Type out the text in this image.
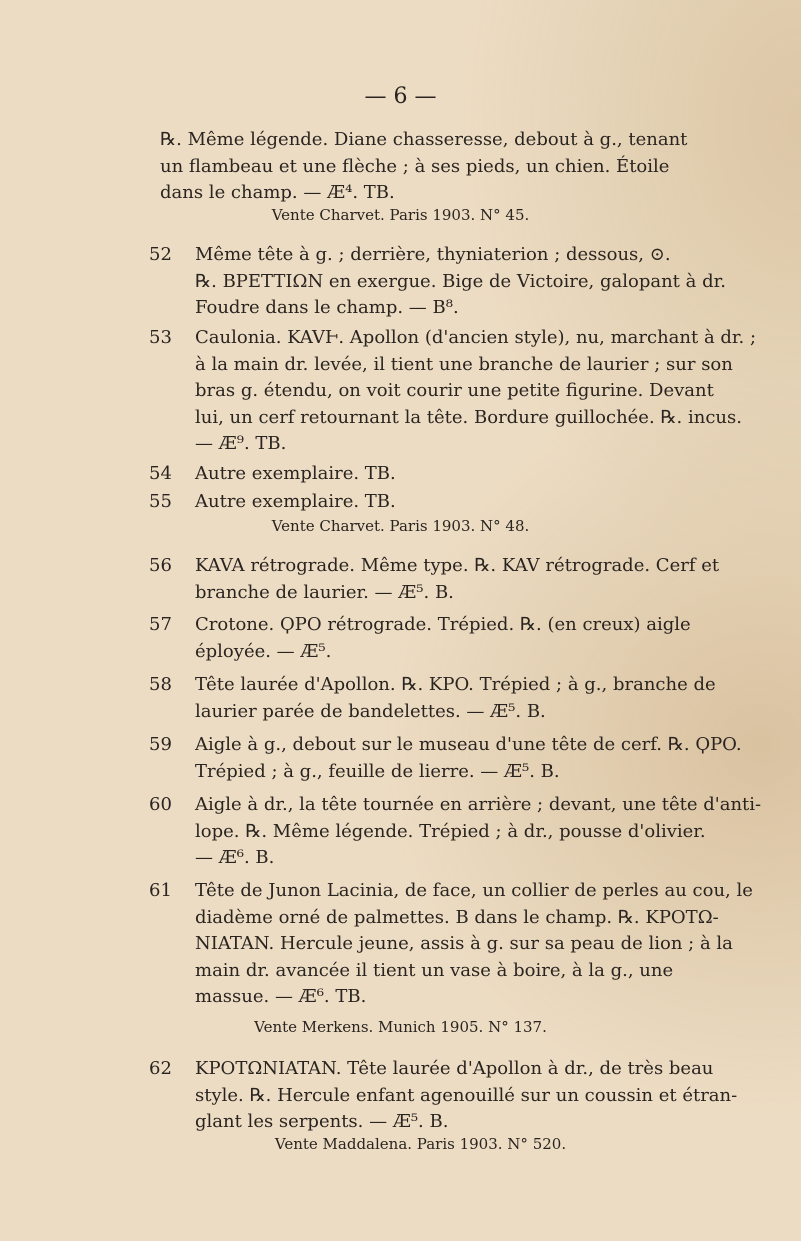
— 6 —
℞. Même légende. Diane chasseresse, debout à g., tenant
un flambeau et une flèche ; à ses pieds, un chien. Étoile
dans le champ. — Æ⁴. TB.
Vente Charvet. Paris 1903. N° 45.
52	Même tête à g. ; derrière, thyniaterion ; dessous, ⊙.
℞. BPETTIΩN en exergue. Bige de Victoire, galopant à dr.
Foudre dans le champ. — B⁸.
53	Caulonia. KAVⱵ. Apollon (d'ancien style), nu, marchant à dr. ;
à la main dr. levée, il tient une branche de laurier ; sur son
bras g. étendu, on voit courir une petite figurine. Devant
lui, un cerf retournant la tête. Bordure guillochée. ℞. incus.
— Æ⁹. TB.
54	Autre exemplaire. TB.
55	Autre exemplaire. TB.
Vente Charvet. Paris 1903. N° 48.
56	KAVA rétrograde. Même type. ℞. KAV rétrograde. Cerf et
branche de laurier. — Æ⁵. B.
57	Crotone. ϘPO rétrograde. Trépied. ℞. (en creux) aigle
éployée. — Æ⁵.
58	Tête laurée d'Apollon. ℞. KPO. Trépied ; à g., branche de
laurier parée de bandelettes. — Æ⁵. B.
59	Aigle à g., debout sur le museau d'une tête de cerf. ℞. ϘPO.
Trépied ; à g., feuille de lierre. — Æ⁵. B.
60	Aigle à dr., la tête tournée en arrière ; devant, une tête d'anti-
lope. ℞. Même légende. Trépied ; à dr., pousse d'olivier.
— Æ⁶. B.
61	Tête de Junon Lacinia, de face, un collier de perles au cou, le
diadème orné de palmettes. B dans le champ. ℞. KPOTΩ-
NIATAN. Hercule jeune, assis à g. sur sa peau de lion ; à la
main dr. avancée il tient un vase à boire, à la g., une
massue. — Æ⁶. TB.
Vente Merkens. Munich 1905. N° 137.
62	KPOTΩNIATAN. Tête laurée d'Apollon à dr., de très beau
style. ℞. Hercule enfant agenouillé sur un coussin et étran-
glant les serpents. — Æ⁵. B.
Vente Maddalena. Paris 1903. N° 520.
